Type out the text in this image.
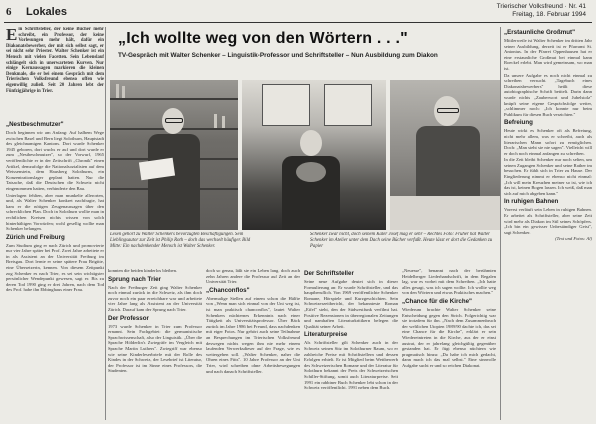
6 Lokales	Trierischer Volksfreund · Nr. 41
Freitag, 18. Februar 1994
E in Schriftsteller, der keine Bücher mehr schreibt, ein Professor, der keine Vorlesungen mehr hält, dafür ein Diakonatsbewerber, der mit sich selbst sagt, er sei nicht sehr Priester. Walter Schenker ist ein Mensch mit vielen Facetten. Sein Lebenslauf schlängelt sich in unerwarteten Kurven. Nur einige Kernaussagen markieren die kleinen Denkmale, die er bei einem Gespräch mit dem Trierischen Volksfreund ebenso offen wie eigenwillig zuließ. Seit 20 Jahren lebt der Fünfzigjährige in Trier.
„Nestbeschmutzer"

Doch beginnen wir am Anfang: Auf halbem Wege zwischen Basel und Bern liegt Solothurn, Hauptstadt des gleichnamigen Kantons. Dort wurde Schenker 1945 geboren, dort wuchs er auf und dort wurde er zum „Nestbeschmutzer", so der Vorwurf, 1965 veröffentlichte er in der Zeitschrift „Chronik" einen Artikel, demzufolge die Nationalsozialisten auf dem Weissenstein, dem Hausberg Solothurns, ein Konzentrationslager geplant hatten. Nur die Tatsache, daß die Deutschen die Schweiz nicht eingenommen hatten, verhinderte den Bau.

Unterlagen fehlten, aber man munkelte allerorten, und, als Walter Schenker konkret nachfragte, hat kam er die nötigen Zeugenaussagen über den schrecklichen Plan. Doch in Solothurn wollte man in rechtlichen Kreisen nichts wissen von solch hinterhältigen Vorwürfen; wohl gesellig wollte man Schenker belangen.

Zürich und Freiburg

Zum Studium ging er nach Zürich und promovierte nur vier Jahre später bei Prof. Zwei Jahre arbeitete er in als Assistent an der Universität Freiburg im Breisgau. Dort lernte er seine spätere Frau Brigitte, eine Übersetzerin, kennen. Von diesem Zeitpunkt zog Schenker es nach Trier, es sei sein wichtigster persönlicher Wendepunkt gewesen, sagt er. Bis zu deren Tod 1990 ging er drei Jahren, nach dem Tod des Prof. habe ihn Ebbinghaus einer Frau.

„Ich wollte weg von den Wörtern . . ."
TV-Gespräch mit Walter Schenker – Linguistik-Professor und Schriftsteller – Nun Ausbildung zum Diakon
Lesen gehört zu Walter Schenkers bevorzugten Beschäftigungen. Sein Lieblingsautor zur Zeit ist Philip Roth – doch das wechselt häufiger. Bild Mitte: Ein nachdenkender Mensch ist Walter Schenker.
Schenker zwar nicht, doch seinem Kater Josef mag er sehr – Rechtes Foto: Früher hat Walter Schenker im Atelier unter dem Dach seine Bücher verfaßt. Heute lässt er dort die Gedanken zu Papier

konnten die beiden kinderlos bleiben.

Sprung nach Trier

Nach der Freiburger Zeit ging Walter Schenker noch einmal zurück in die Schweiz, als ihm doch zuvor noch ein paar erreichbare war und arbeitete vier Jahre lang als Assistent an der Universität Zürich. Darauf kam der Sprung nach Trier.

Der Professor

1973 wurde Schenker in Trier zum Professor ernannt. Sein Fachgebiet: die germanistische Sprachwissenschaft, also der Linguistik. „Über die Sprache Hölderlin's Zwiegräfe im Vergleich mit Sprache Martin Luthers". Zwiegriff war ebenso wie seine Kinderleserbriefe mit der Rolle des Kindes in der Schweiz, der Lesebrief ist Literatur, der Professor ist im Sinne eines Professors, die Studenten.

doch so genau, läßt sie ein Leben lang. doch auch zehn Jahren andere die Professur auf Zeit an der Universität Trier.

„Chanconflos"

Abermalige Stellen auf einem schon die Hälfte von „Wenn man sich einmal von der Uni weg ist, ist man praktisch chanconflos", lautet Walter Schenkers nüchternes Erkenntnis nach einer Tätigkeit als Universitätsprofessor. Über Bäck zurück im Jahre 1986 bei Freund, dass nachdenken mit eiger Fotos. Nur gehört auch seine Teilnahme an Besprechungen im Trierischen Volksfreund deswegen nichts wegen ihm nie mehr einem laufenden Verwerksdieser auf der Frage, wie es weitergehen soll. „Walter Schenker, naher die Ohren eines Fitts". 10 Jahre Professor an der Uni Trier, wird schreiben ohne Arbeitsbewegungen und nach danach Schriftsteller.

Der Schriftsteller

Seine neue Aufgabe deutet sich in dieser Formulierung an: Er wurde Schriftsteller, und das hauptberuflich. Von 1969 veröffentlichte Schenker Romane, Hörspiele und Kurzgeschichten. Sein Schweizerzeitbericht, der bekannteste Roman „Eifel" steht, den der Südwestfunk verfilmt hat. Positive Rezensionen in überregionalen Zeitungen und namhaften Literaturkritikern belegen die Qualität seiner Arbeit.

Literaturpreise

Als Schriftsteller gilt Schenker auch in der Schweiz seinen Sitz im Solothurner Raum, wo er zahlreiche Preise mit Schriftstellern und dessen Erfolgen erhielt. Er ist Mitglied beim Wettbewerb des Schweizerischen Romane und der Literatur für Solothurn bekannt der Preis der Schweizerischen Schiller-Stiftung, somit auch Literaturpreise. Seit 1991 ein rabbiner Buch Schenker lebt schon in der Schweiz veröffentlicht. 1991 neben dem Buch.

„Neuesse", benannt nach der berühmten Heidelberger Liederhandschrift, in dem Regalen lag, war es vorbei mit dem Schreiben. „Ich hatte alles gesagt, was ich sagen wollte. Ich wollte weg von den Wörtern und etwas Praktisches machen."

„Chance für die Kirche"

Wiederum brachte Walter Schenker seine Entscheidung gegen den Strich. Folgerichtig war sie trotzdem für ihn. „Nach dem Zusammenbruch der weltlichen Utopien 1989/90 dachte ich, das sei eine Chance für die Kirche", erklärt er sein Wiedereintreten in die Kirche, aus der er einst austrat, der er jahrelang gleichgültig gegenüber gestanden hat. Er fügt ebenso nüchtern wie pragmatisch hinzu: „Da habe ich mich gedacht, dann mach ich das mal selbst." Eine sinnvolle Aufgabe sucht er und so reichen Diakonat.

„Erstaunliche Großmut"

Mittlerweile ist Walter Schenker im dritten Jahr seiner Ausbildung, derzeit ist er Pfarramt St. Antonius. In der Pfarrei Oppenhausen hat er eine erstaunliche Großmut bei einmal kann Roeckel erlebt. Man wird gemeinsam, wo man ist.

Da unsere Aufgabe es noch nicht einmal zu schreiben versucht. „Tagebuch eines Diakonatsbewerbers" heißt diese autobiographische Schrift betitelt. Darin dann wurde nichts „Zauberwort und Jubelstolz" knüpft seine eigene Gesprächsfolge weiter, „schlimmer noch: „Ich konnte nur beim Publikum für diesen Buch verzichten."

Befreiung

Heute wirkt es Schenker oft als Befreiung, nicht mehr allem, was er schreibt, auch als literarischen Mann sofort zu ermöglichen. Doch: „Man sieht sie nie sagen". Vielleicht will er doch noch einmal anfangen zu schreiben.

In die Zeit bleibt Schenker nur noch selten, um seinen Zugangen Schenker und seine Rather im besuchen. Er fühlt sich in Trier zu Hause. Der Eingliederung nimmt er ebenso nicht einmal: „Ich will mein Kreuzhen meiner so ist, wie ich das ist, keinen Bogen lassen. Ich weiß, daß man sich auf mich abgeben kann."

In ruhigen Bahnen

Vorerst verläuft sein Leben in ruhigen Bahnen. Er arbeitet als Schriftsteller, aber seine Zeit wird mehr als Diakon im Stil seines Schöpfers. „Ich bin ein gewisser Unbeständiger Geist", sagt Schenker.

(Text und Fotos: Al)
